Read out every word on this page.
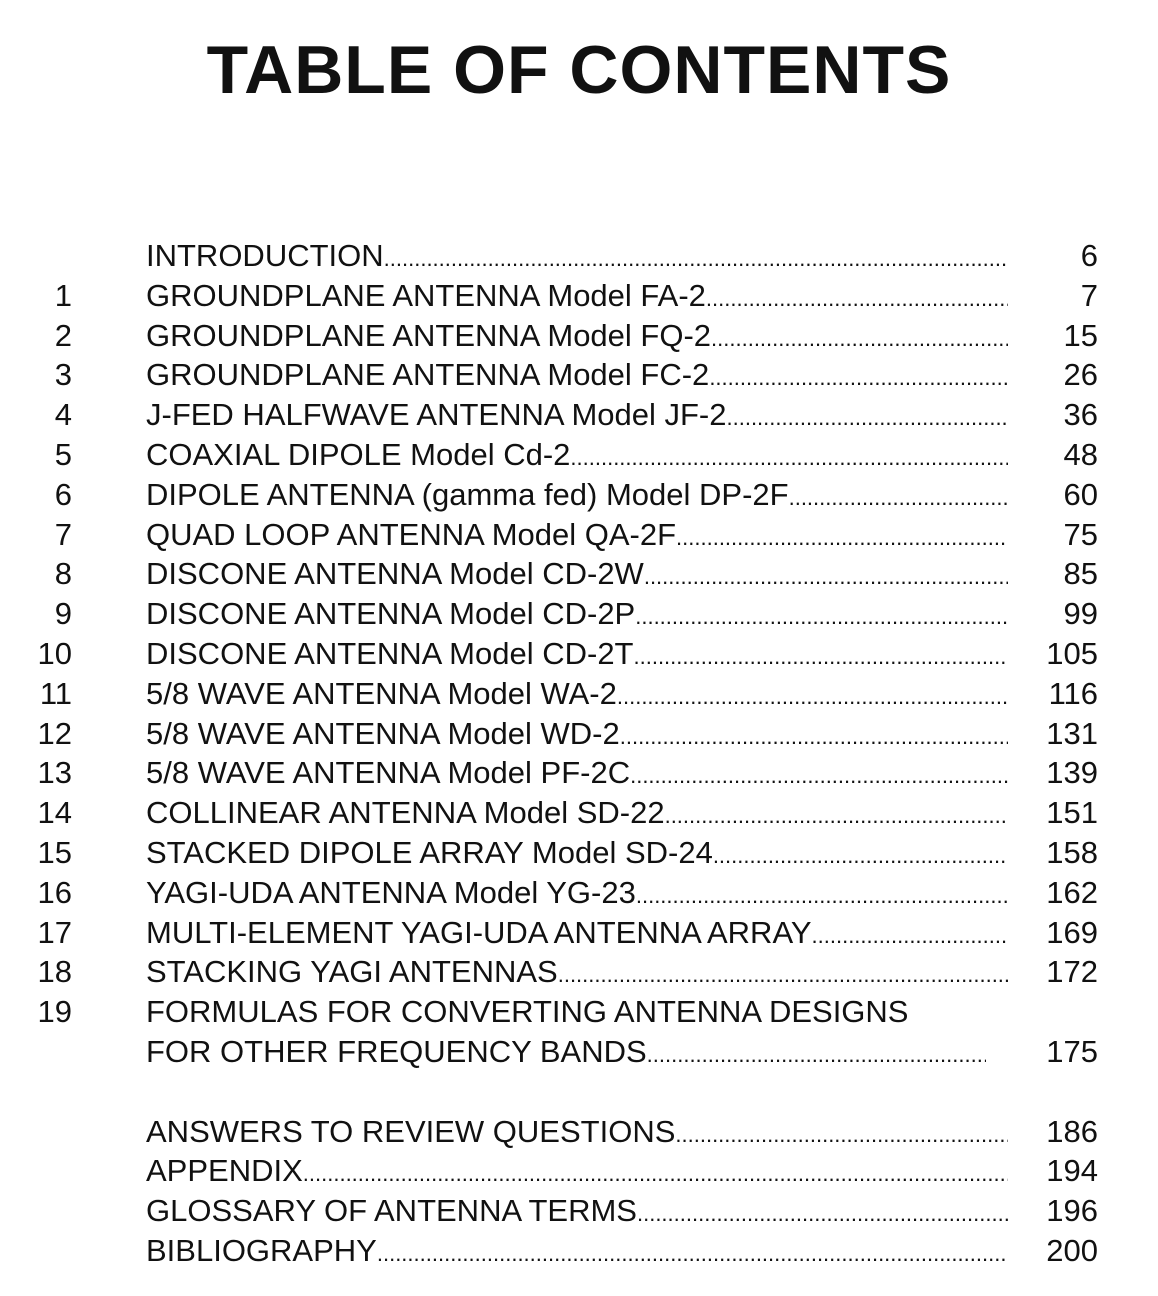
TABLE OF CONTENTS
INTRODUCTION .....	6
1 GROUNDPLANE ANTENNA Model FA-2 .....	7
2 GROUNDPLANE ANTENNA Model FQ-2 .....	15
3 GROUNDPLANE ANTENNA Model FC-2 .....	26
4 J-FED HALFWAVE ANTENNA Model JF-2 .....	36
5 COAXIAL DIPOLE Model Cd-2 .....	48
6 DIPOLE ANTENNA (gamma fed) Model DP-2F .....	60
7 QUAD LOOP ANTENNA Model QA-2F .....	75
8 DISCONE ANTENNA Model CD-2W .....	85
9 DISCONE ANTENNA Model CD-2P .....	99
10 DISCONE ANTENNA Model CD-2T .....	105
11 5/8 WAVE ANTENNA Model WA-2 .....	116
12 5/8 WAVE ANTENNA Model WD-2 .....	131
13 5/8 WAVE ANTENNA Model PF-2C .....	139
14 COLLINEAR ANTENNA Model SD-22 .....	151
15 STACKED DIPOLE ARRAY Model SD-24 .....	158
16 YAGI-UDA ANTENNA Model YG-23 .....	162
17 MULTI-ELEMENT YAGI-UDA ANTENNA ARRAY .....	169
18 STACKING YAGI ANTENNAS .....	172
19 FORMULAS FOR CONVERTING ANTENNA DESIGNS
FOR OTHER FREQUENCY BANDS .....	175
ANSWERS TO REVIEW QUESTIONS .....	186
APPENDIX .....	194
GLOSSARY OF ANTENNA TERMS .....	196
BIBLIOGRAPHY .....	200
